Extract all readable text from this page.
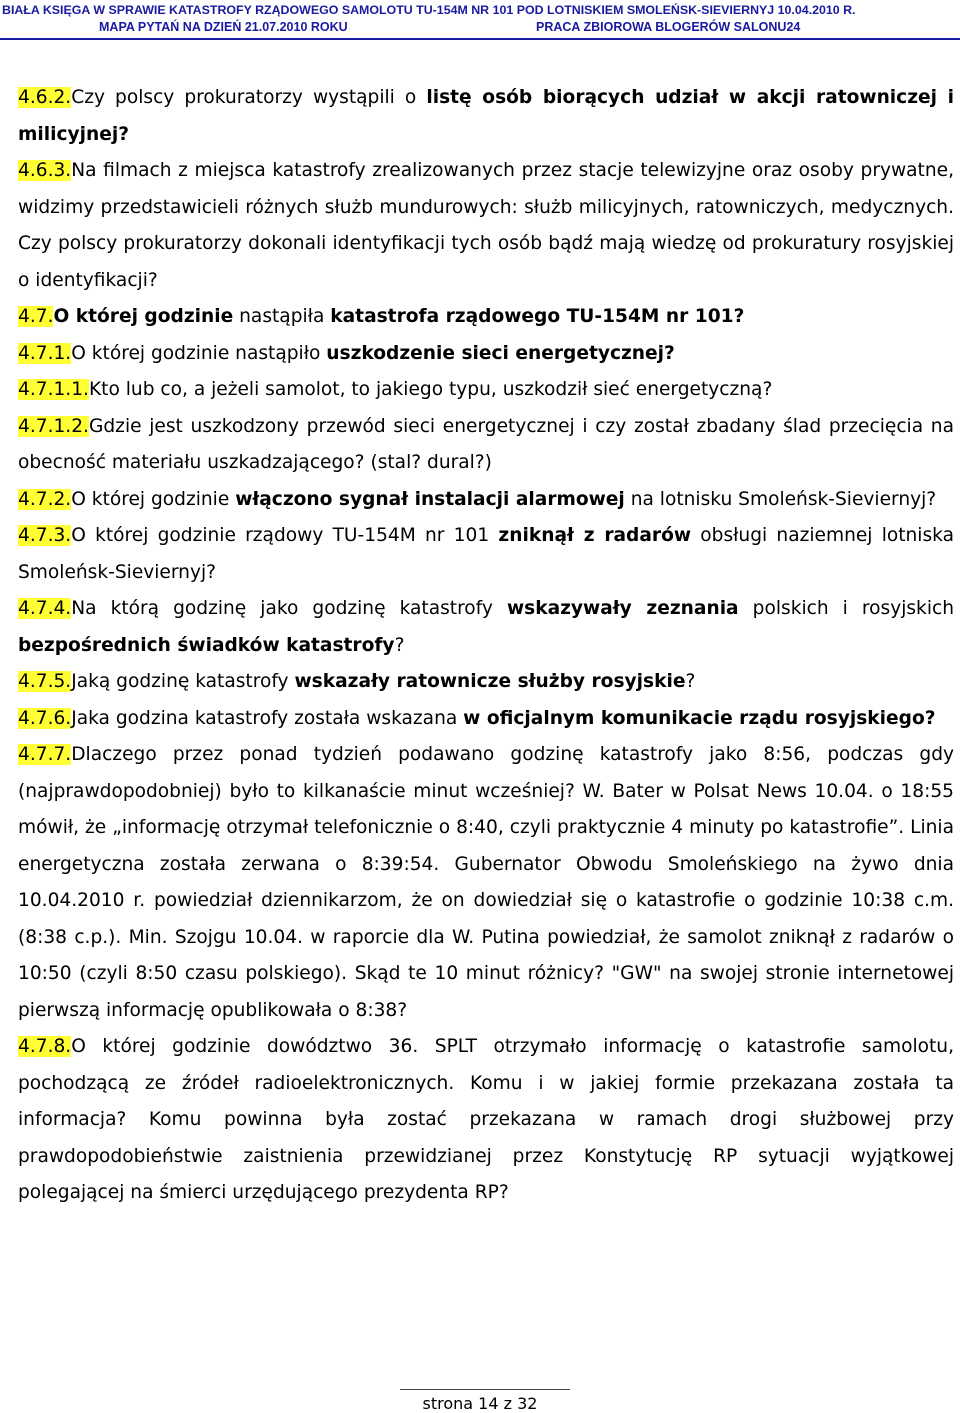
BIAŁA KSIĘGA W SPRAWIE KATASTROFY RZĄDOWEGO SAMOLOTU TU-154M NR 101 POD LOTNISKIEM SMOLEŃSK-SIEVIERNYJ 10.04.2010 R.
MAPA PYTAŃ NA DZIEŃ 21.07.2010 ROKU	PRACA ZBIOROWA BLOGERÓW SALONU24

4.6.2.Czy polscy prokuratorzy wystąpili o listę osób biorących udział w akcji ratowniczej i milicyjnej?

4.6.3.Na filmach z miejsca katastrofy zrealizowanych przez stacje telewizyjne oraz osoby prywatne, widzimy przedstawicieli różnych służb mundurowych: służb milicyjnych, ratowniczych, medycznych. Czy polscy prokuratorzy dokonali identyfikacji tych osób bądź mają wiedzę od prokuratury rosyjskiej o identyfikacji?

4.7.O której godzinie nastąpiła katastrofa rządowego TU-154M nr 101?

4.7.1.O której godzinie nastąpiło uszkodzenie sieci energetycznej?

4.7.1.1.Kto lub co, a jeżeli samolot, to jakiego typu, uszkodził sieć energetyczną?

4.7.1.2.Gdzie jest uszkodzony przewód sieci energetycznej i czy został zbadany ślad przecięcia na obecność materiału uszkadzającego? (stal? dural?)

4.7.2.O której godzinie włączono sygnał instalacji alarmowej na lotnisku Smoleńsk-Sieviernyj?

4.7.3.O której godzinie rządowy TU-154M nr 101 zniknął z radarów obsługi naziemnej lotniska Smoleńsk-Sieviernyj?

4.7.4.Na którą godzinę jako godzinę katastrofy wskazywały zeznania polskich i rosyjskich bezpośrednich świadków katastrofy?

4.7.5.Jaką godzinę katastrofy wskazały ratownicze służby rosyjskie?

4.7.6.Jaka godzina katastrofy została wskazana w oficjalnym komunikacie rządu rosyjskiego?

4.7.7.Dlaczego przez ponad tydzień podawano godzinę katastrofy jako 8:56, podczas gdy (najprawdopodobniej) było to kilkanaście minut wcześniej? W. Bater w Polsat News 10.04. o 18:55 mówił, że „informację otrzymał telefonicznie o 8:40, czyli praktycznie 4 minuty po katastrofie”. Linia energetyczna została zerwana o 8:39:54. Gubernator Obwodu Smoleńskiego na żywo dnia 10.04.2010 r. powiedział dziennikarzom, że on dowiedział się o katastrofie o godzinie 10:38 c.m. (8:38 c.p.). Min. Szojgu 10.04. w raporcie dla W. Putina powiedział, że samolot zniknął z radarów o 10:50 (czyli 8:50 czasu polskiego). Skąd te 10 minut różnicy? "GW" na swojej stronie internetowej pierwszą informację opublikowała o 8:38?

4.7.8.O której godzinie dowództwo 36. SPLT otrzymało informację o katastrofie samolotu, pochodzącą ze źródeł radioelektronicznych. Komu i w jakiej formie przekazana została ta informacja? Komu powinna była zostać przekazana w ramach drogi służbowej przy prawdopodobieństwie zaistnienia przewidzianej przez Konstytucję RP sytuacji wyjątkowej polegającej na śmierci urzędującego prezydenta RP?

strona 14 z 32
